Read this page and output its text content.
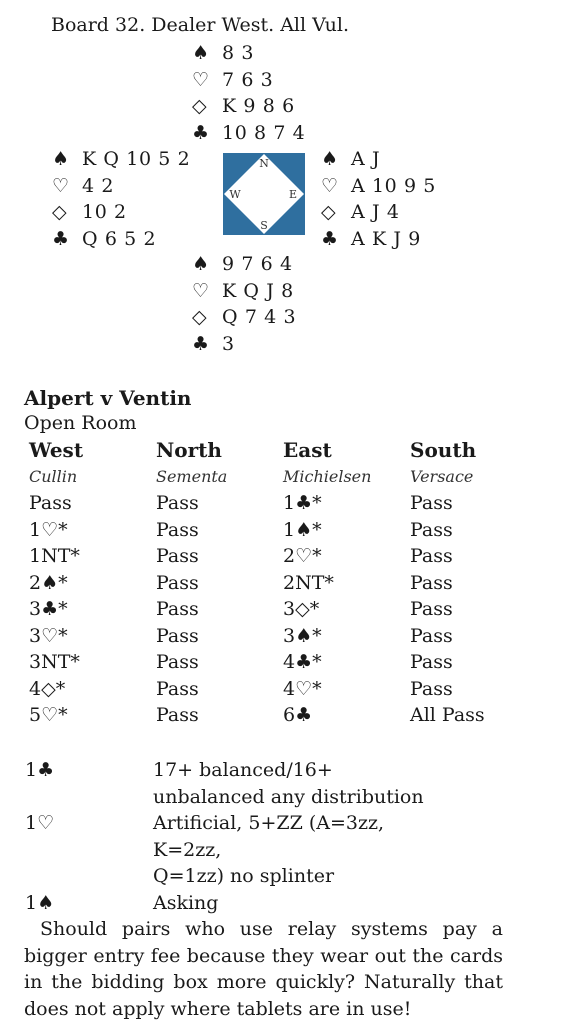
Board 32. Dealer West. All Vul.
♠ 8 3
♡ 7 6 3
◇ K 9 8 6
♣ 10 8 7 4
♠ K Q 10 5 2
♡ 4 2
◇ 10 2
♣ Q 6 5 2
♠ A J
♡ A 10 9 5
◇ A J 4
♣ A K J 9
♠ 9 7 6 4
♡ K Q J 8
◇ Q 7 4 3
♣ 3
N
S
W	E
Alpert v Ventin
Open Room
West	North	East	South
Cullin	Sementa	Michielsen	Versace
Pass	Pass	1♣*	Pass
1♡*	Pass	1♠*	Pass
1NT*	Pass	2♡*	Pass
2♠*	Pass	2NT*	Pass
3♣*	Pass	3◇*	Pass
3♡*	Pass	3♠*	Pass
3NT*	Pass	4♣*	Pass
4◇*	Pass	4♡*	Pass
5♡*	Pass	6♣	All Pass
1♣	17+ balanced/16+
unbalanced any distribution
1♡	Artificial, 5+ZZ (A=3zz, K=2zz,
Q=1zz) no splinter
1♠	Asking
Should pairs who use relay systems pay a bigger entry fee because they wear out the cards in the bidding box more quickly? Naturally that does not apply where tablets are in use!
